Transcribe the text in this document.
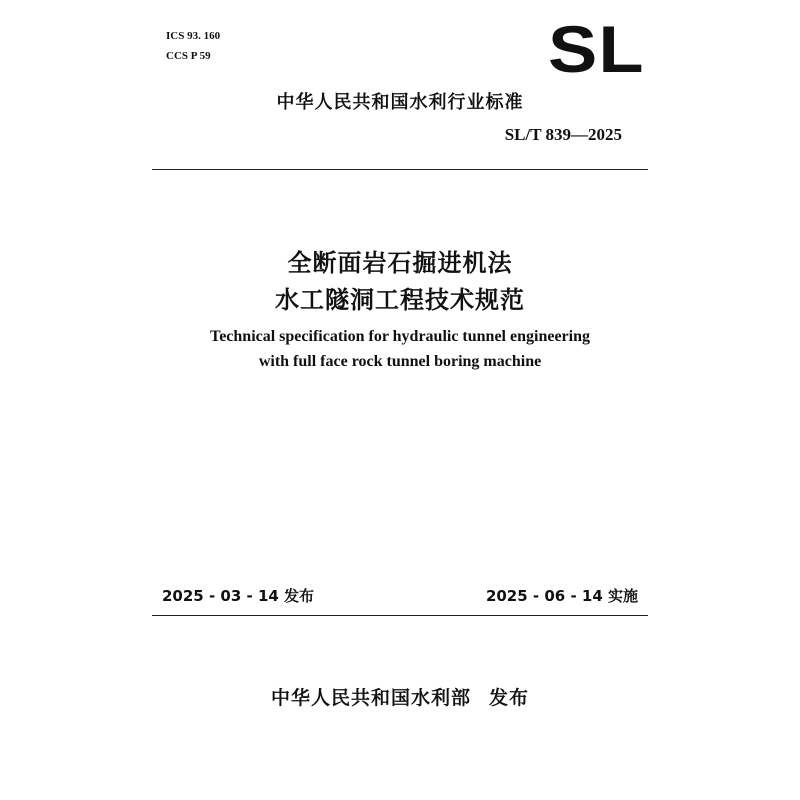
ICS 93. 160
CCS P 59	SL
中华人民共和国水利行业标准
SL/T 839—2025
全断面岩石掘进机法
水工隧洞工程技术规范
Technical specification for hydraulic tunnel engineering
with full face rock tunnel boring machine
2025 - 03 - 14 发布	2025 - 06 - 14 实施
中华人民共和国水利部 发布
